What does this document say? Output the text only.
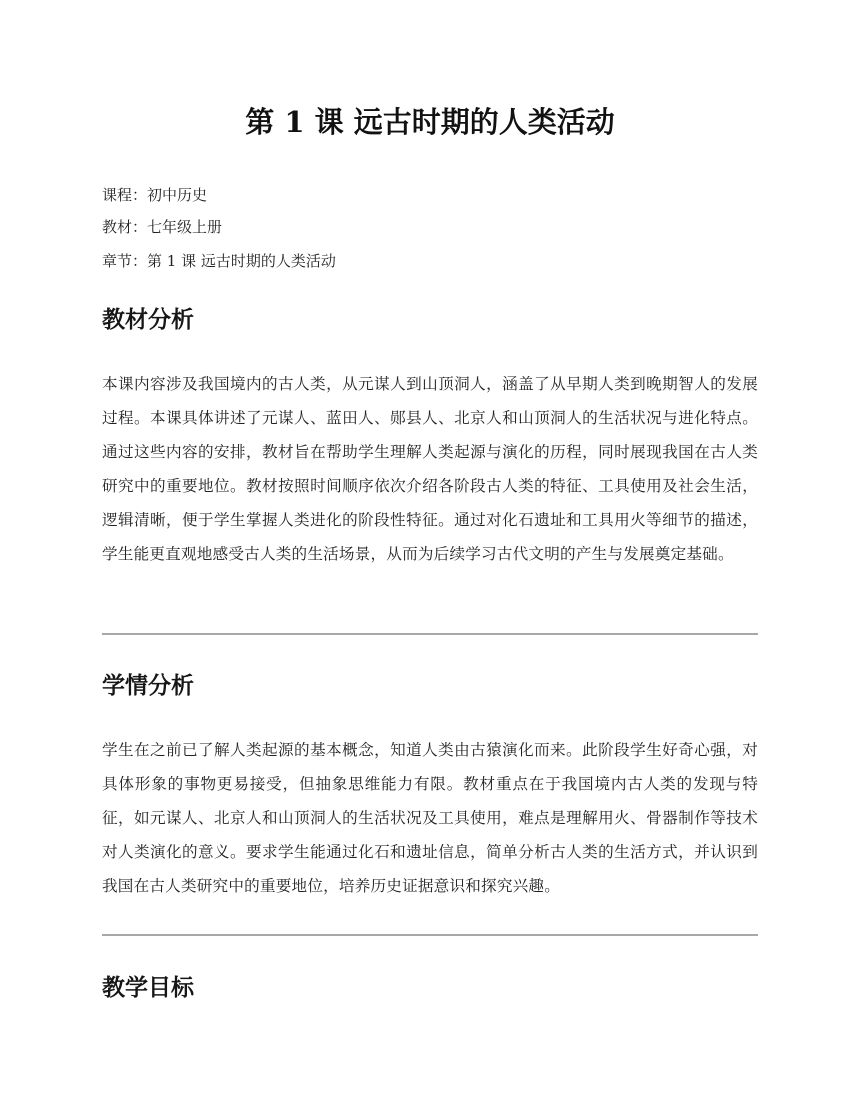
第 1 课 远古时期的人类活动
课程：初中历史
教材：七年级上册
章节：第 1 课 远古时期的人类活动
教材分析

本课内容涉及我国境内的古人类，从元谋人到山顶洞人，涵盖了从早期人类到晚期智人的发展过程。本课具体讲述了元谋人、蓝田人、郧县人、北京人和山顶洞人的生活状况与进化特点。通过这些内容的安排，教材旨在帮助学生理解人类起源与演化的历程，同时展现我国在古人类研究中的重要地位。教材按照时间顺序依次介绍各阶段古人类的特征、工具使用及社会生活，逻辑清晰，便于学生掌握人类进化的阶段性特征。通过对化石遗址和工具用火等细节的描述，学生能更直观地感受古人类的生活场景，从而为后续学习古代文明的产生与发展奠定基础。

学情分析

学生在之前已了解人类起源的基本概念，知道人类由古猿演化而来。此阶段学生好奇心强，对具体形象的事物更易接受，但抽象思维能力有限。教材重点在于我国境内古人类的发现与特征，如元谋人、北京人和山顶洞人的生活状况及工具使用，难点是理解用火、骨器制作等技术对人类演化的意义。要求学生能通过化石和遗址信息，简单分析古人类的生活方式，并认识到我国在古人类研究中的重要地位，培养历史证据意识和探究兴趣。

教学目标
